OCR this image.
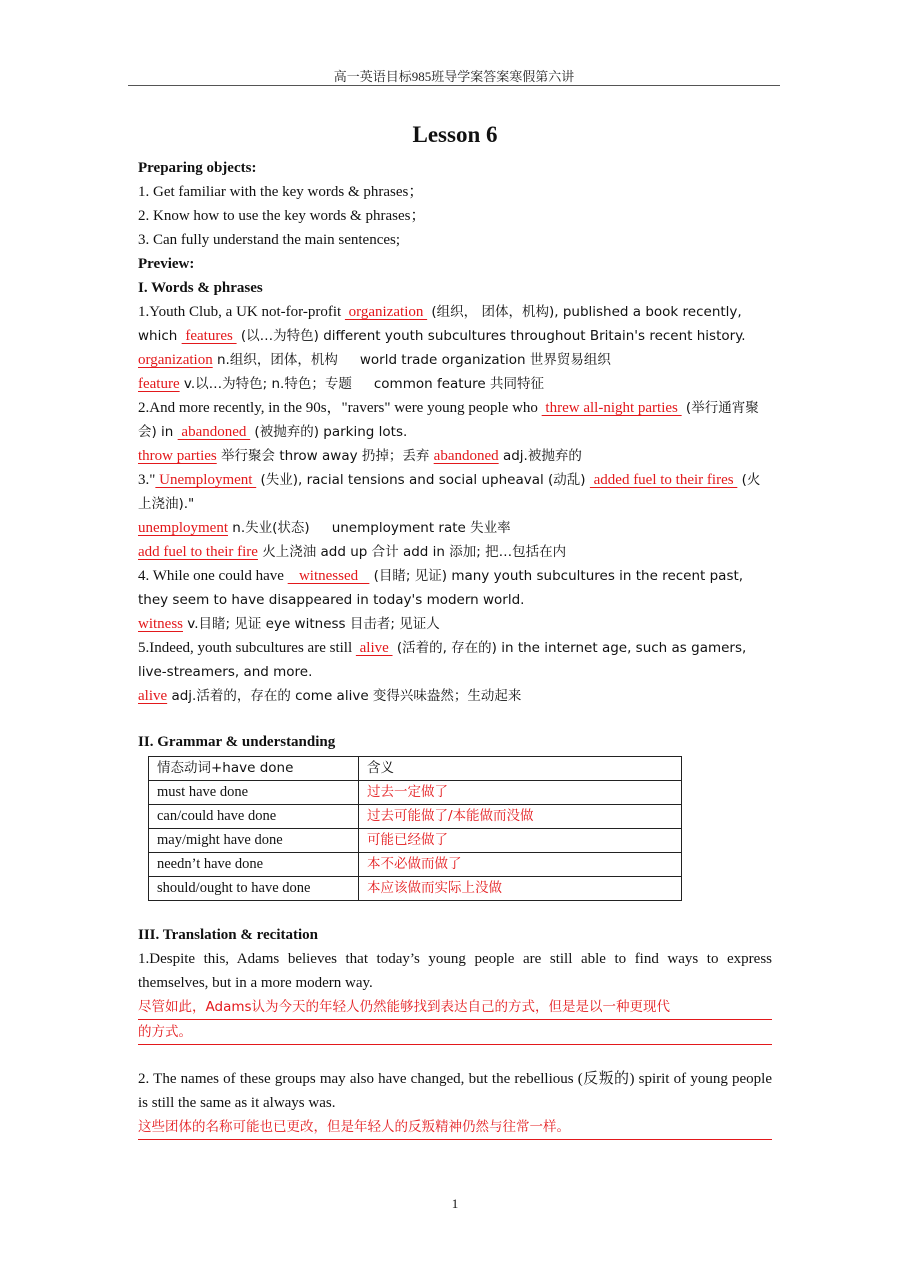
高一英语目标985班导学案答案寒假第六讲
Lesson 6

Preparing objects:

1. Get familiar with the key words & phrases；

2. Know how to use the key words & phrases；

3. Can fully understand the main sentences;

Preview:

I. Words & phrases

1.Youth Club, a UK not-for-profit  organization  (组织， 团体，机构), published a book recently, which  features  (以…为特色) different youth subcultures throughout Britain's recent history.

organization n.组织，团体，机构 world trade organization 世界贸易组织

feature v.以…为特色; n.特色；专题 common feature 共同特征

2.And more recently, in the 90s，"ravers" were young people who  threw all-night parties  (举行通宵聚会) in  abandoned  (被抛弃的) parking lots.

throw parties 举行聚会 throw away 扔掉；丢弃 abandoned adj.被抛弃的

3." Unemployment  (失业), racial tensions and social upheaval (动乱)  added fuel to their fires  (火上浇油)."

unemployment n.失业(状态) unemployment rate 失业率

add fuel to their fire 火上浇油 add up 合计 add in 添加; 把…包括在内

4. While one could have    witnessed    (目睹; 见证) many youth subcultures in the recent past, they seem to have disappeared in today's modern world.

witness v.目睹; 见证 eye witness 目击者; 见证人

5.Indeed, youth subcultures are still  alive  (活着的, 存在的) in the internet age, such as gamers, live-streamers, and more.

alive adj.活着的，存在的 come alive 变得兴味盎然；生动起来

II. Grammar & understanding

情态动词+have done	含义
must have done	过去一定做了
can/could have done	过去可能做了/本能做而没做
may/might have done	可能已经做了
needn’t have done	本不必做而做了
should/ought to have done	本应该做而实际上没做

III. Translation & recitation

1.Despite this, Adams believes that today’s young people are still able to find ways to express themselves, but in a more modern way.

尽管如此，Adams认为今天的年轻人仍然能够找到表达自己的方式，但是是以一种更现代
的方式。

2. The names of these groups may also have changed, but the rebellious (反叛的) spirit of young people is still the same as it always was.

这些团体的名称可能也已更改，但是年轻人的反叛精神仍然与往常一样。
1
